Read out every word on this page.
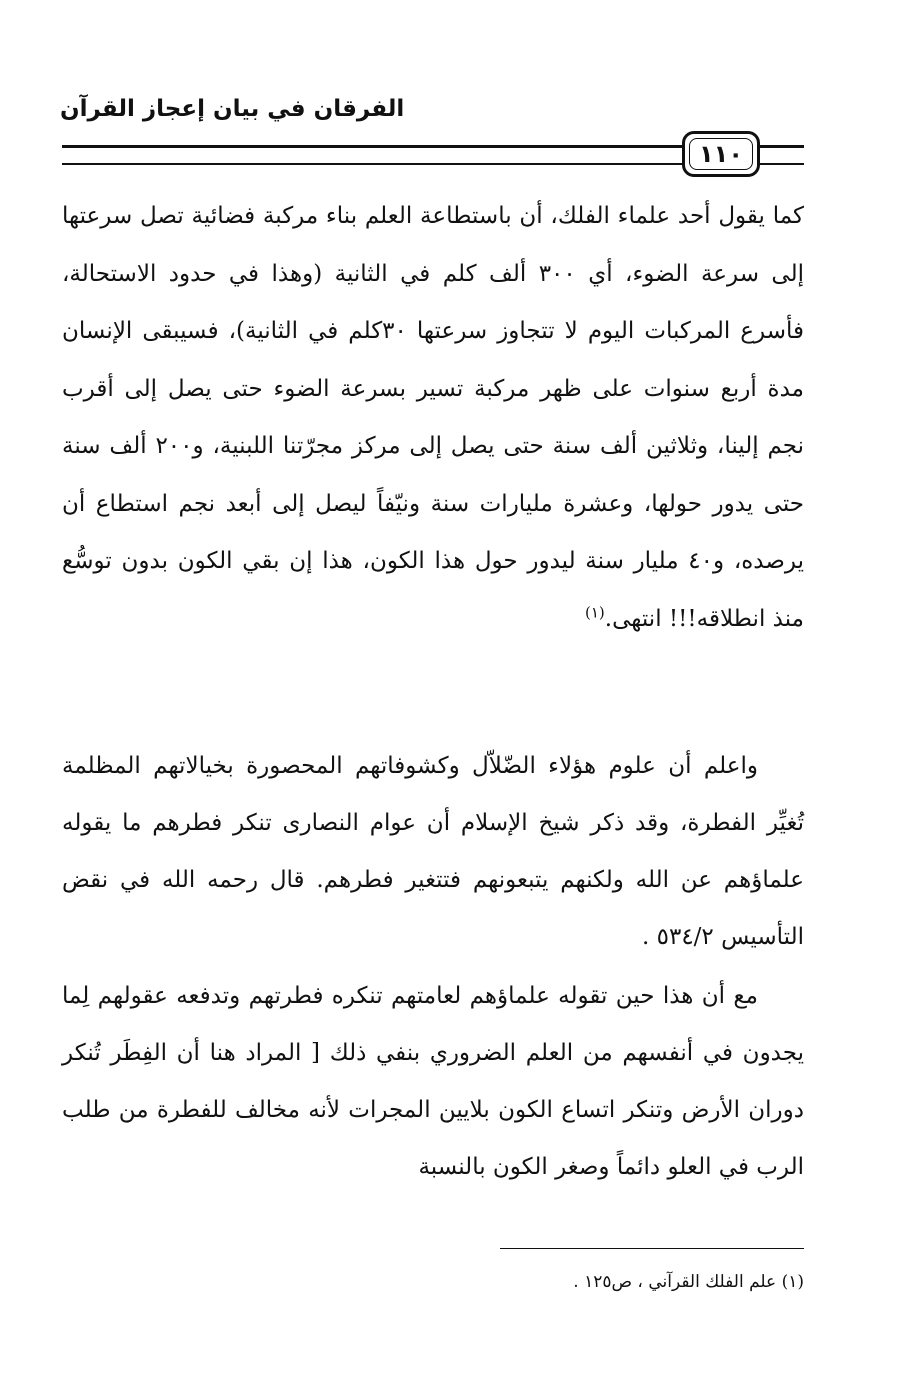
الفرقان في بيان إعجاز القرآن
١١٠
كما يقول أحد علماء الفلك، أن باستطاعة العلم بناء مركبة فضائية تصل سرعتها إلى سرعة الضوء، أي ٣٠٠ ألف كلم في الثانية (وهذا في حدود الاستحالة، فأسرع المركبات اليوم لا تتجاوز سرعتها ٣٠كلم في الثانية)، فسيبقى الإنسان مدة أربع سنوات على ظهر مركبة تسير بسرعة الضوء حتى يصل إلى أقرب نجم إلينا، وثلاثين ألف سنة حتى يصل إلى مركز مجرّتنا اللبنية، و٢٠٠ ألف سنة حتى يدور حولها، وعشرة مليارات سنة ونيّفاً ليصل إلى أبعد نجم استطاع أن يرصده، و٤٠ مليار سنة ليدور حول هذا الكون، هذا إن بقي الكون بدون توسُّع منذ انطلاقه!!! انتهى.$^{(١)}$
واعلم أن علوم هؤلاء الضّلاّل وكشوفاتهم المحصورة بخيالاتهم المظلمة تُغيِّر الفطرة، وقد ذكر شيخ الإسلام أن عوام النصارى تنكر فطرهم ما يقوله علماؤهم عن الله ولكنهم يتبعونهم فتتغير فطرهم. قال رحمه الله في نقض التأسيس ٥٣٤/٢ .
مع أن هذا حين تقوله علماؤهم لعامتهم تنكره فطرتهم وتدفعه عقولهم لِما يجدون في أنفسهم من العلم الضروري بنفي ذلك [ المراد هنا أن الفِطَر تُنكر دوران الأرض وتنكر اتساع الكون بلايين المجرات لأنه مخالف للفطرة من طلب الرب في العلو دائماً وصغر الكون بالنسبة
(١) علم الفلك القرآني ، ص١٢٥ .
